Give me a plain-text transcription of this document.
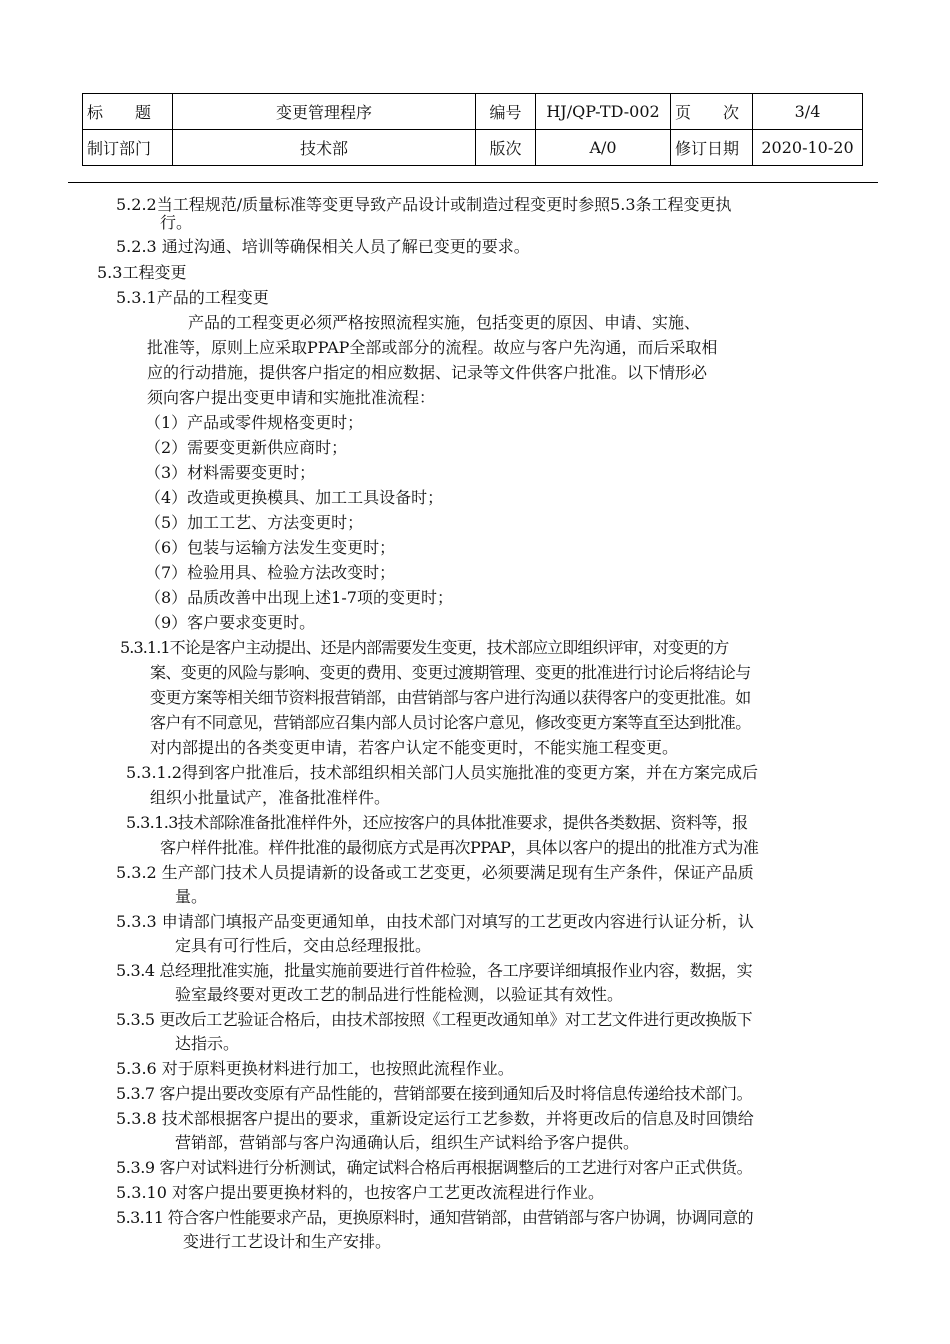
标　　题	变更管理程序	编号	HJ/QP-TD-002	页　　次	3/4
制订部门	技术部	版次	A/0	修订日期	2020-10-20
5.2.2当工程规范/质量标准等变更导致产品设计或制造过程变更时参照5.3条工程变更执
行。
5.2.3 通过沟通、培训等确保相关人员了解已变更的要求。
5.3工程变更
5.3.1产品的工程变更
产品的工程变更必须严格按照流程实施，包括变更的原因、申请、实施、
批准等，原则上应采取PPAP全部或部分的流程。故应与客户先沟通，而后采取相
应的行动措施，提供客户指定的相应数据、记录等文件供客户批准。以下情形必
须向客户提出变更申请和实施批准流程：
（1）产品或零件规格变更时；
（2）需要变更新供应商时；
（3）材料需要变更时；
（4）改造或更换模具、加工工具设备时；
（5）加工工艺、方法变更时；
（6）包装与运输方法发生变更时；
（7）检验用具、检验方法改变时；
（8）品质改善中出现上述1-7项的变更时；
（9）客户要求变更时。
5.3.1.1不论是客户主动提出、还是内部需要发生变更，技术部应立即组织评审，对变更的方
案、变更的风险与影响、变更的费用、变更过渡期管理、变更的批准进行讨论后将结论与
变更方案等相关细节资料报营销部，由营销部与客户进行沟通以获得客户的变更批准。如
客户有不同意见，营销部应召集内部人员讨论客户意见，修改变更方案等直至达到批准。
对内部提出的各类变更申请，若客户认定不能变更时，不能实施工程变更。
5.3.1.2得到客户批准后，技术部组织相关部门人员实施批准的变更方案，并在方案完成后
组织小批量试产，准备批准样件。
5.3.1.3技术部除准备批准样件外，还应按客户的具体批准要求，提供各类数据、资料等，报
客户样件批准。样件批准的最彻底方式是再次PPAP，具体以客户的提出的批准方式为准
5.3.2 生产部门技术人员提请新的设备或工艺变更，必须要满足现有生产条件，保证产品质
量。
5.3.3 申请部门填报产品变更通知单，由技术部门对填写的工艺更改内容进行认证分析，认
定具有可行性后，交由总经理报批。
5.3.4 总经理批准实施，批量实施前要进行首件检验，各工序要详细填报作业内容，数据，实
验室最终要对更改工艺的制品进行性能检测，以验证其有效性。
5.3.5 更改后工艺验证合格后，由技术部按照《工程更改通知单》对工艺文件进行更改换版下
达指示。
5.3.6 对于原料更换材料进行加工，也按照此流程作业。
5.3.7 客户提出要改变原有产品性能的，营销部要在接到通知后及时将信息传递给技术部门。
5.3.8 技术部根据客户提出的要求，重新设定运行工艺参数，并将更改后的信息及时回馈给
营销部，营销部与客户沟通确认后，组织生产试料给予客户提供。
5.3.9 客户对试料进行分析测试，确定试料合格后再根据调整后的工艺进行对客户正式供货。
5.3.10 对客户提出要更换材料的，也按客户工艺更改流程进行作业。
5.3.11 符合客户性能要求产品，更换原料时，通知营销部，由营销部与客户协调，协调同意的
变进行工艺设计和生产安排。
